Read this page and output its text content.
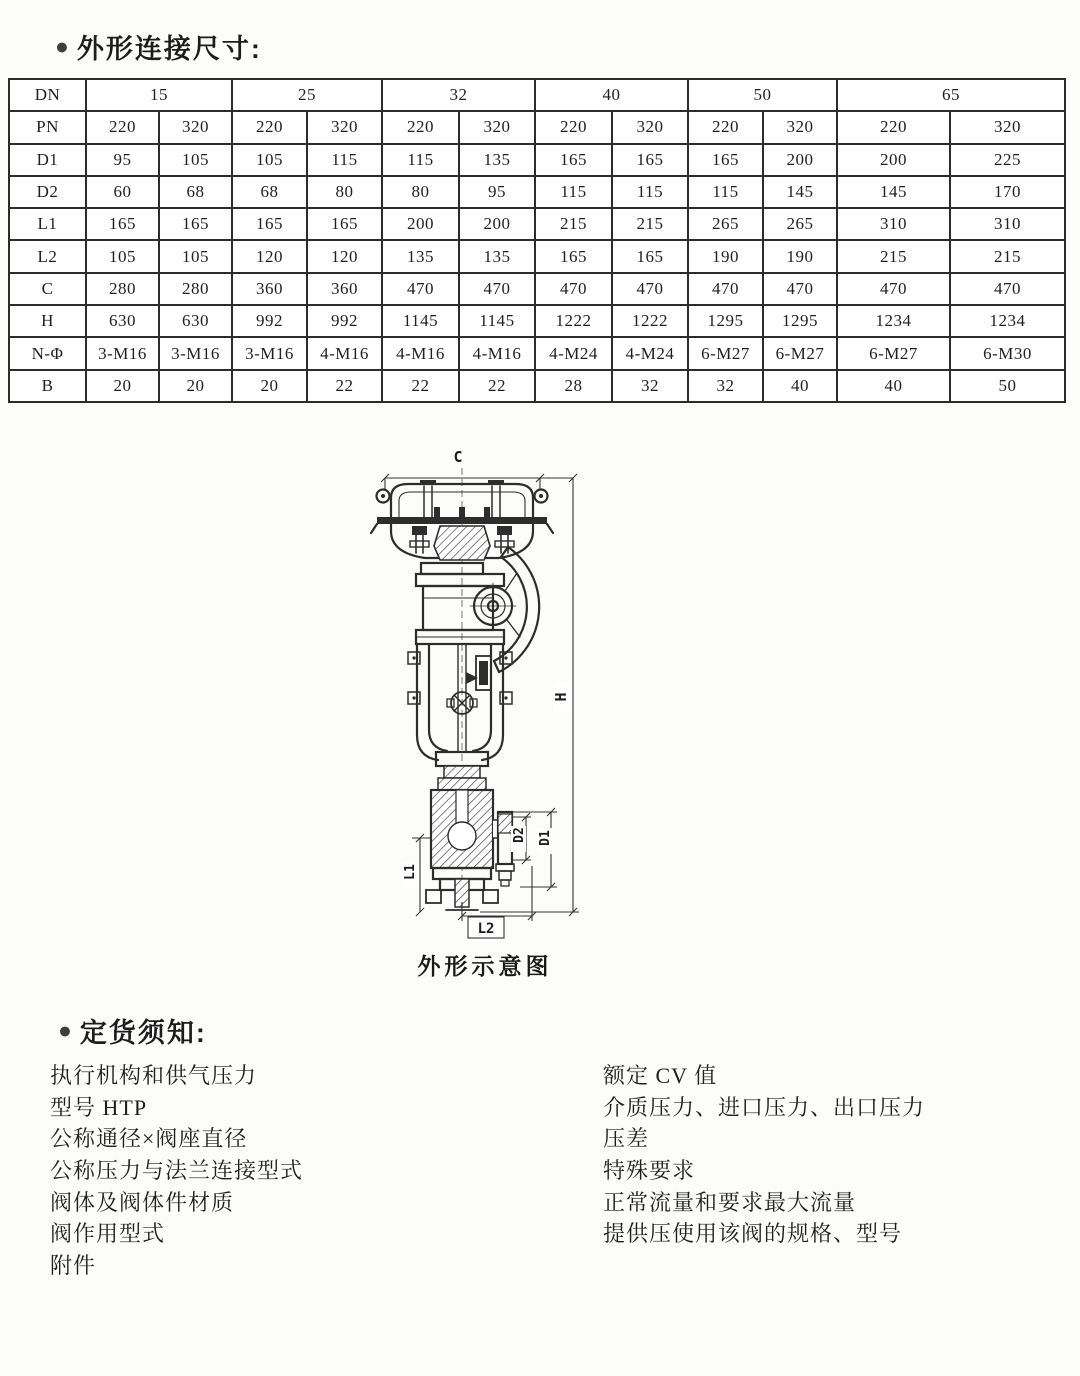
● 外形连接尺寸:
DN	15		25		32		40		50		65	
PN	220	320	220	320	220	320	220	320	220	320	220	320
D1	95	105	105	115	115	135	165	165	165	200	200	225
D2	60	68	68	80	80	95	115	115	115	145	145	170
L1	165	165	165	165	200	200	215	215	265	265	310	310
L2	105	105	120	120	135	135	165	165	190	190	215	215
C	280	280	360	360	470	470	470	470	470	470	470	470
H	630	630	992	992	1145	1145	1222	1222	1295	1295	1234	1234
N-Φ	3-M16	3-M16	3-M16	4-M16	4-M16	4-M16	4-M24	4-M24	6-M27	6-M27	6-M27	6-M30
B	20	20	20	22	22	22	28	32	32	40	40	50
C
H
D2 D1
L1
L2
外形示意图
● 定货须知:
执行机构和供气压力
型号 HTP
公称通径×阀座直径
公称压力与法兰连接型式
阀体及阀体件材质
阀作用型式
附件
额定 CV 值
介质压力、进口压力、出口压力
压差
特殊要求
正常流量和要求最大流量
提供压使用该阀的规格、型号
